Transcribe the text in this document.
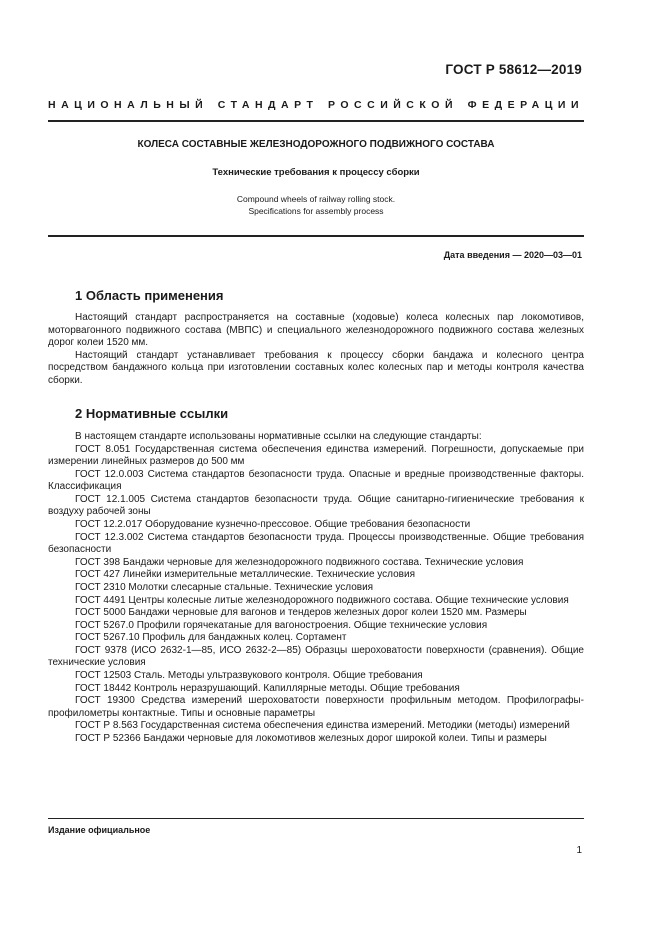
ГОСТ Р 58612—2019
НАЦИОНАЛЬНЫЙ СТАНДАРТ РОССИЙСКОЙ ФЕДЕРАЦИИ
КОЛЕСА СОСТАВНЫЕ ЖЕЛЕЗНОДОРОЖНОГО ПОДВИЖНОГО СОСТАВА
Технические требования к процессу сборки
Compound wheels of railway rolling stock.
Specifications for assembly process
Дата введения — 2020—03—01
1 Область применения

Настоящий стандарт распространяется на составные (ходовые) колеса колесных пар локомотивов, моторвагонного подвижного состава (МВПС) и специального железнодорожного подвижного состава железных дорог колеи 1520 мм.

Настоящий стандарт устанавливает требования к процессу сборки бандажа и колесного центра посредством бандажного кольца при изготовлении составных колес колесных пар и методы контроля качества сборки.

2 Нормативные ссылки

В настоящем стандарте использованы нормативные ссылки на следующие стандарты:

ГОСТ 8.051 Государственная система обеспечения единства измерений. Погрешности, допускаемые при измерении линейных размеров до 500 мм

ГОСТ 12.0.003 Система стандартов безопасности труда. Опасные и вредные производственные факторы. Классификация

ГОСТ 12.1.005 Система стандартов безопасности труда. Общие санитарно-гигиенические требования к воздуху рабочей зоны

ГОСТ 12.2.017 Оборудование кузнечно-прессовое. Общие требования безопасности

ГОСТ 12.3.002 Система стандартов безопасности труда. Процессы производственные. Общие требования безопасности

ГОСТ 398 Бандажи черновые для железнодорожного подвижного состава. Технические условия

ГОСТ 427 Линейки измерительные металлические. Технические условия

ГОСТ 2310 Молотки слесарные стальные. Технические условия

ГОСТ 4491 Центры колесные литые железнодорожного подвижного состава. Общие технические условия

ГОСТ 5000 Бандажи черновые для вагонов и тендеров железных дорог колеи 1520 мм. Размеры

ГОСТ 5267.0 Профили горячекатаные для вагоностроения. Общие технические условия

ГОСТ 5267.10 Профиль для бандажных колец. Сортамент

ГОСТ 9378 (ИСО 2632-1—85, ИСО 2632-2—85) Образцы шероховатости поверхности (сравнения). Общие технические условия

ГОСТ 12503 Сталь. Методы ультразвукового контроля. Общие требования

ГОСТ 18442 Контроль неразрушающий. Капиллярные методы. Общие требования

ГОСТ 19300 Средства измерений шероховатости поверхности профильным методом. Профилографы-профилометры контактные. Типы и основные параметры

ГОСТ Р 8.563 Государственная система обеспечения единства измерений. Методики (методы) измерений

ГОСТ Р 52366 Бандажи черновые для локомотивов железных дорог широкой колеи. Типы и размеры

Издание официальное
1
